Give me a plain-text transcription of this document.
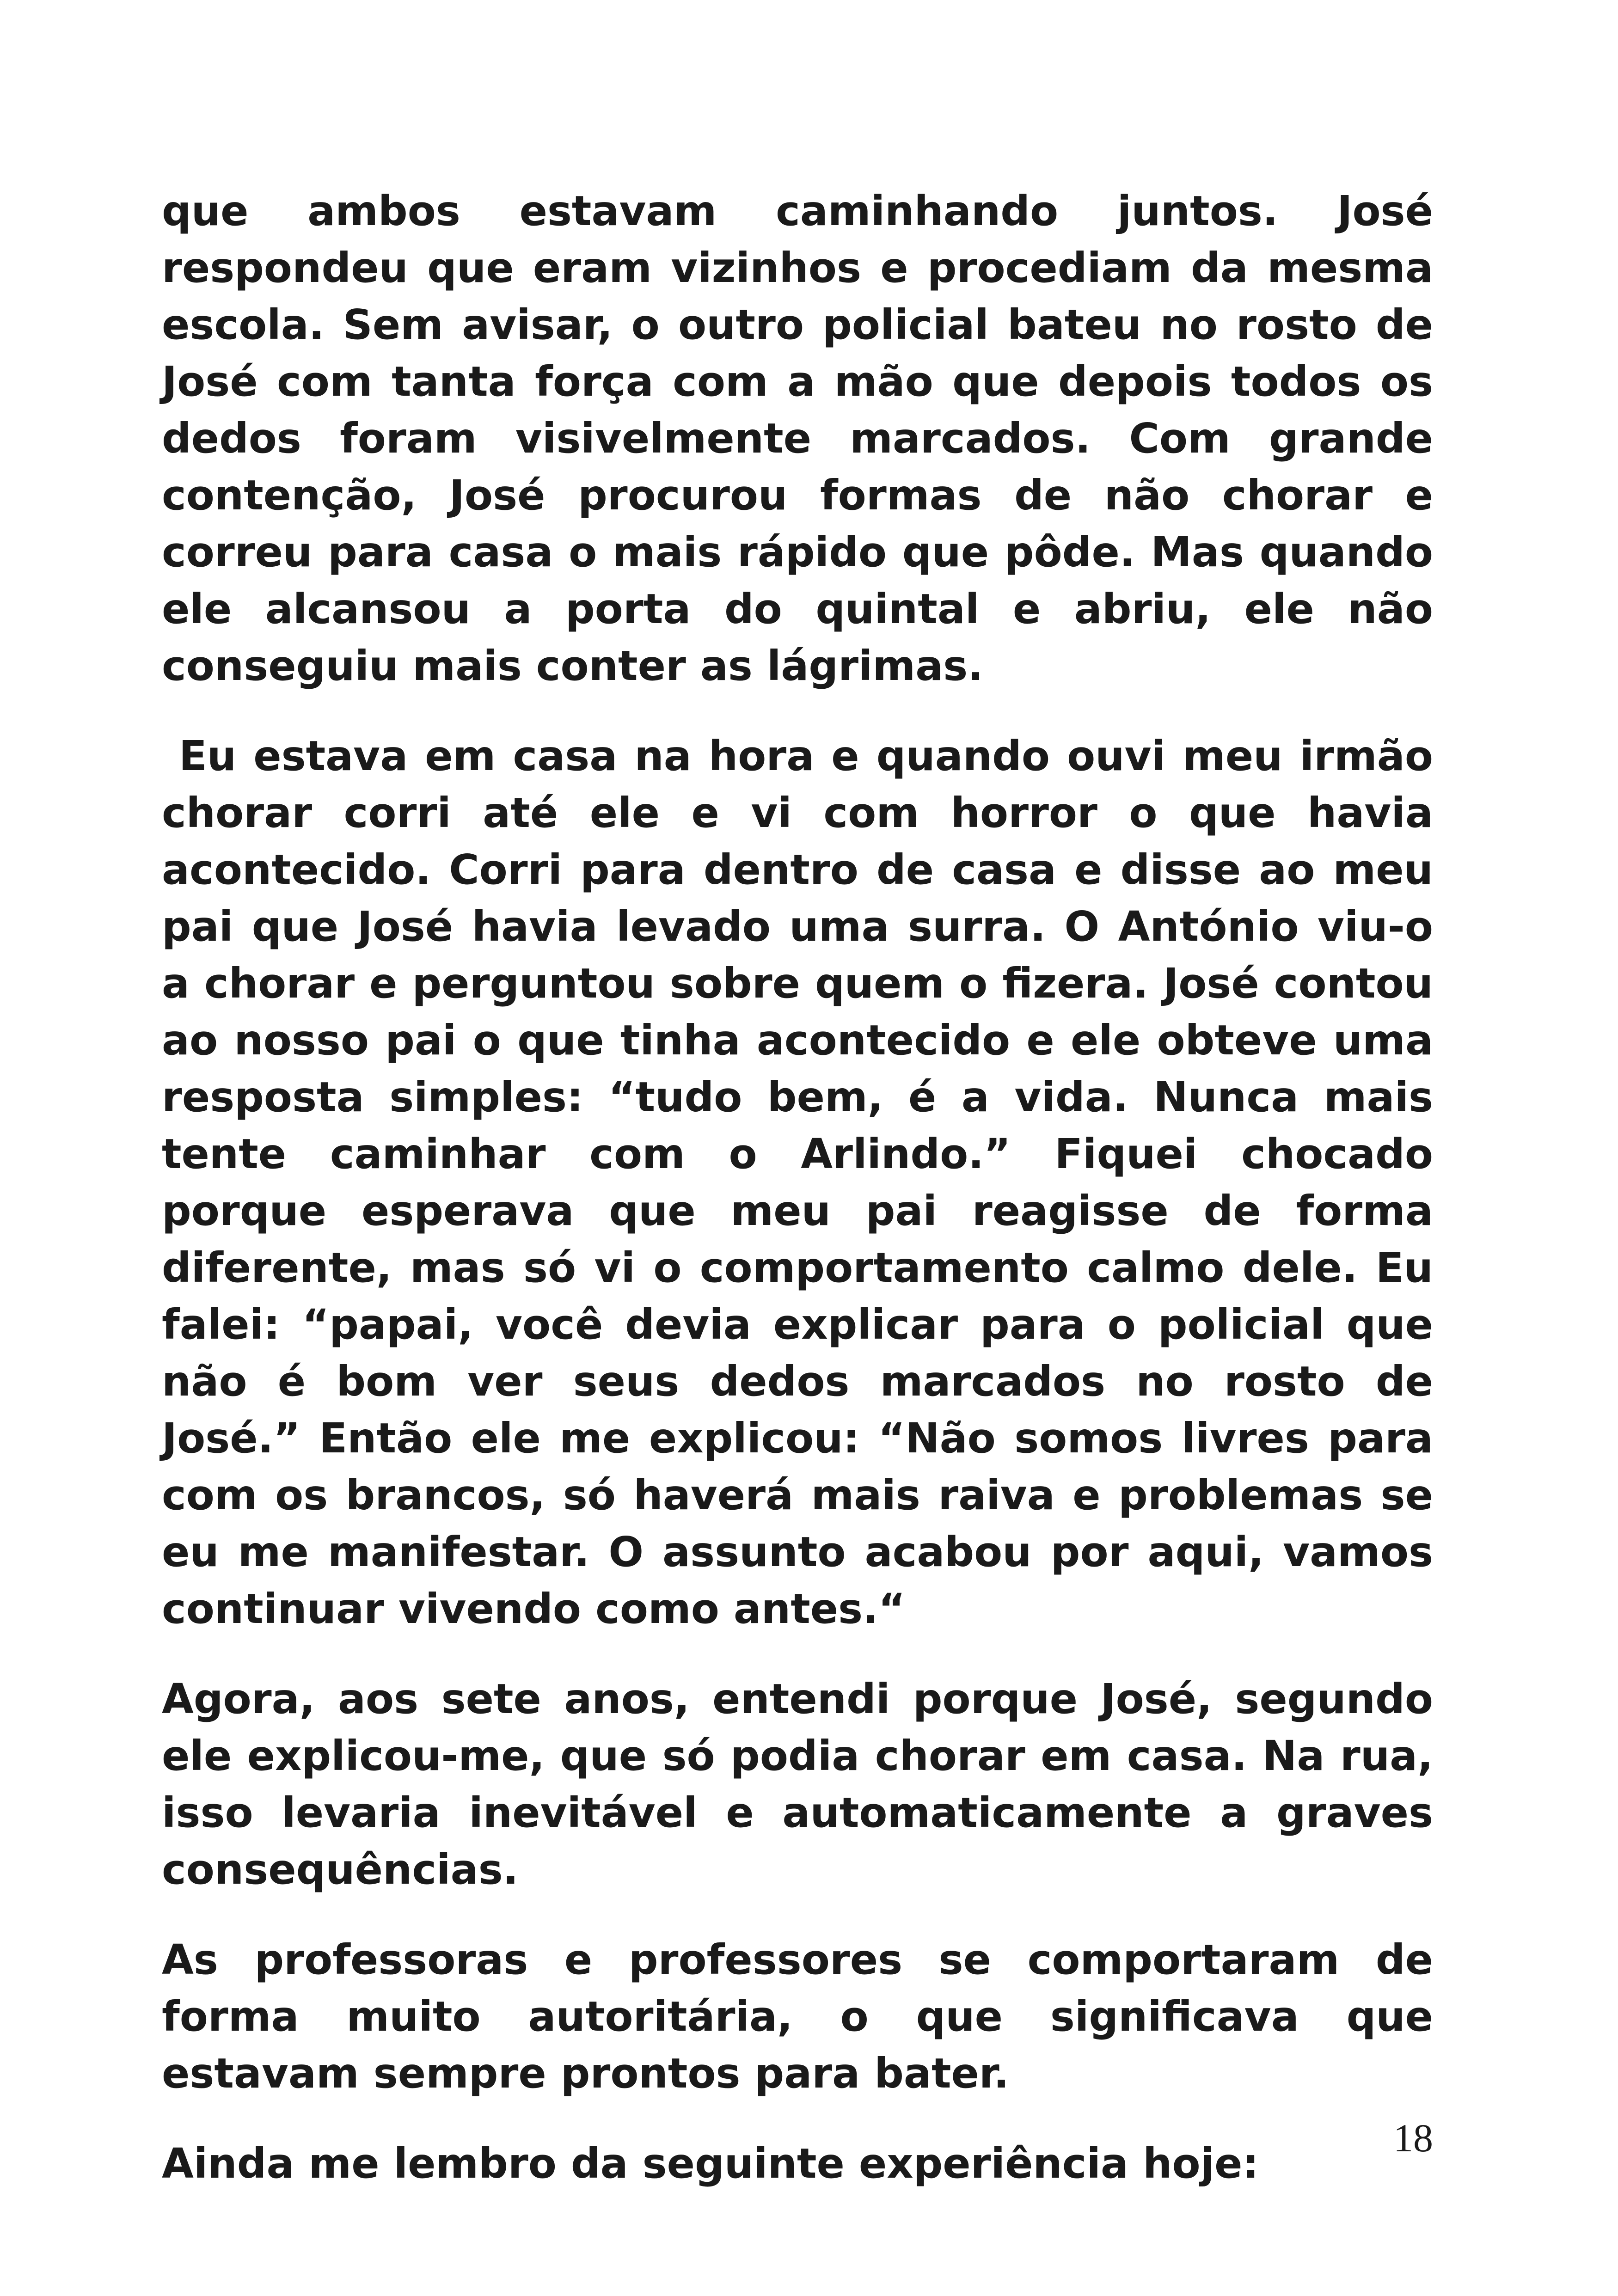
que ambos estavam caminhando juntos. José respondeu que eram vizinhos e procediam da mesma escola. Sem avisar, o outro policial bateu no rosto de José com tanta força com a mão que depois todos os dedos foram visivelmente marcados. Com grande contenção, José procurou formas de não chorar e correu para casa o mais rápido que pôde. Mas quando ele alcansou a porta do quintal e abriu, ele não conseguiu mais conter as lágrimas.

Eu estava em casa na hora e quando ouvi meu irmão chorar corri até ele e vi com horror o que havia acontecido. Corri para dentro de casa e disse ao meu pai que José havia levado uma surra. O António viu-o a chorar e perguntou sobre quem o fizera. José contou ao nosso pai o que tinha acontecido e ele obteve uma resposta simples: “tudo bem, é a vida. Nunca mais tente caminhar com o Arlindo.” Fiquei chocado porque esperava que meu pai reagisse de forma diferente, mas só vi o comportamento calmo dele. Eu falei: “papai, você devia explicar para o policial que não é bom ver seus dedos marcados no rosto de José.” Então ele me explicou: “Não somos livres para com os brancos, só haverá mais raiva e problemas se eu me manifestar. O assunto acabou por aqui, vamos continuar vivendo como antes.“

Agora, aos sete anos, entendi porque José, segundo ele explicou-me, que só podia chorar em casa. Na rua, isso levaria inevitável e automaticamente a graves consequências.

As professoras e professores se comportaram de forma muito autoritária, o que significava que estavam sempre prontos para bater.

Ainda me lembro da seguinte experiência hoje:

18
